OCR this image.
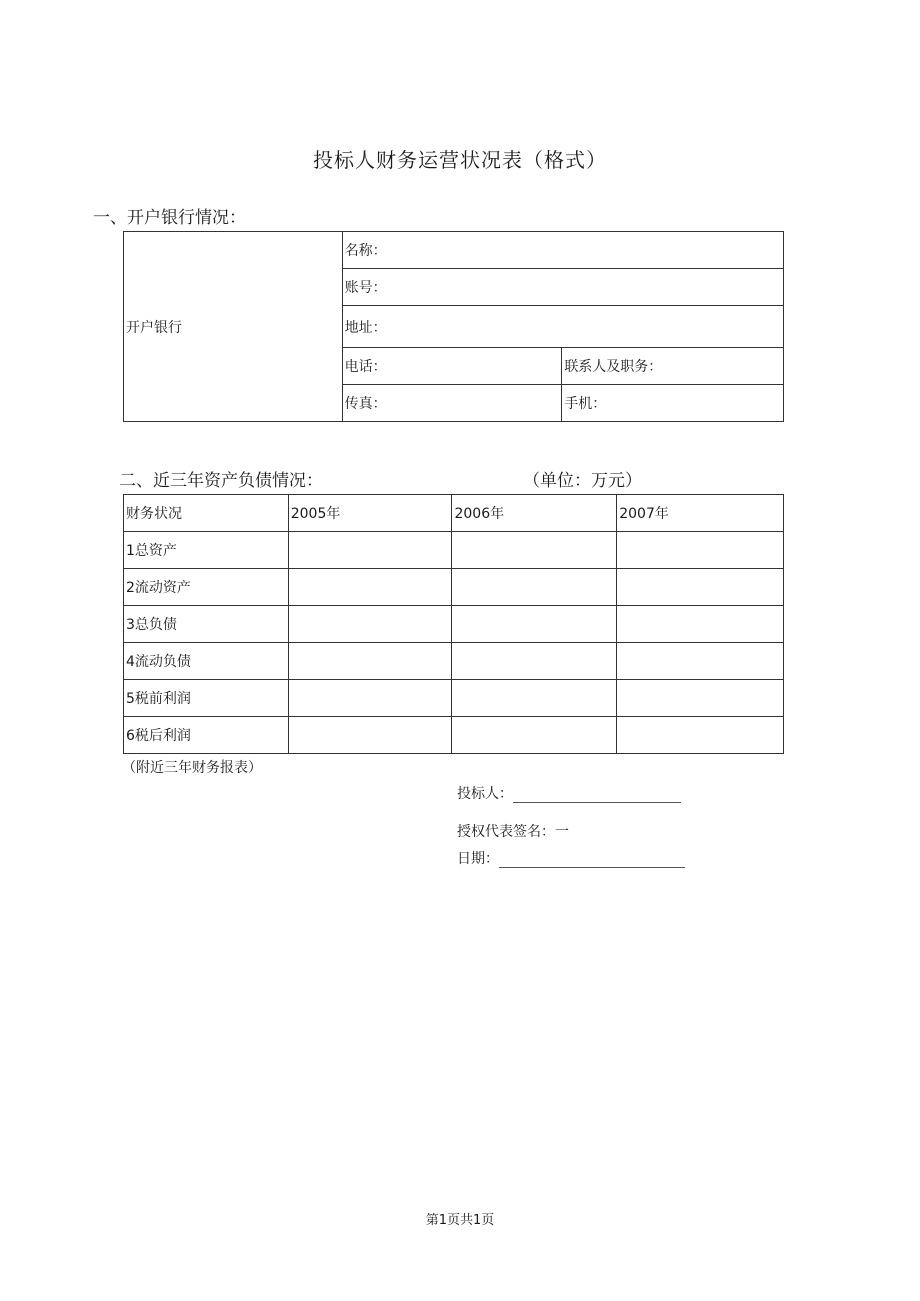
投标人财务运营状况表（格式）
一、开户银行情况：
开户银行	名称：	
	账号：	
	地址：	
	电话：	联系人及职务：
	传真：	手机：
二、近三年资产负债情况：	（单位：万元）
财务状况	2005年	2006年	2007年
1总资产			
2流动资产			
3总负债			
4流动负债			
5税前利润			
6税后利润			
（附近三年财务报表）
投标人：
授权代表签名：一
日期：
第1页共1页
